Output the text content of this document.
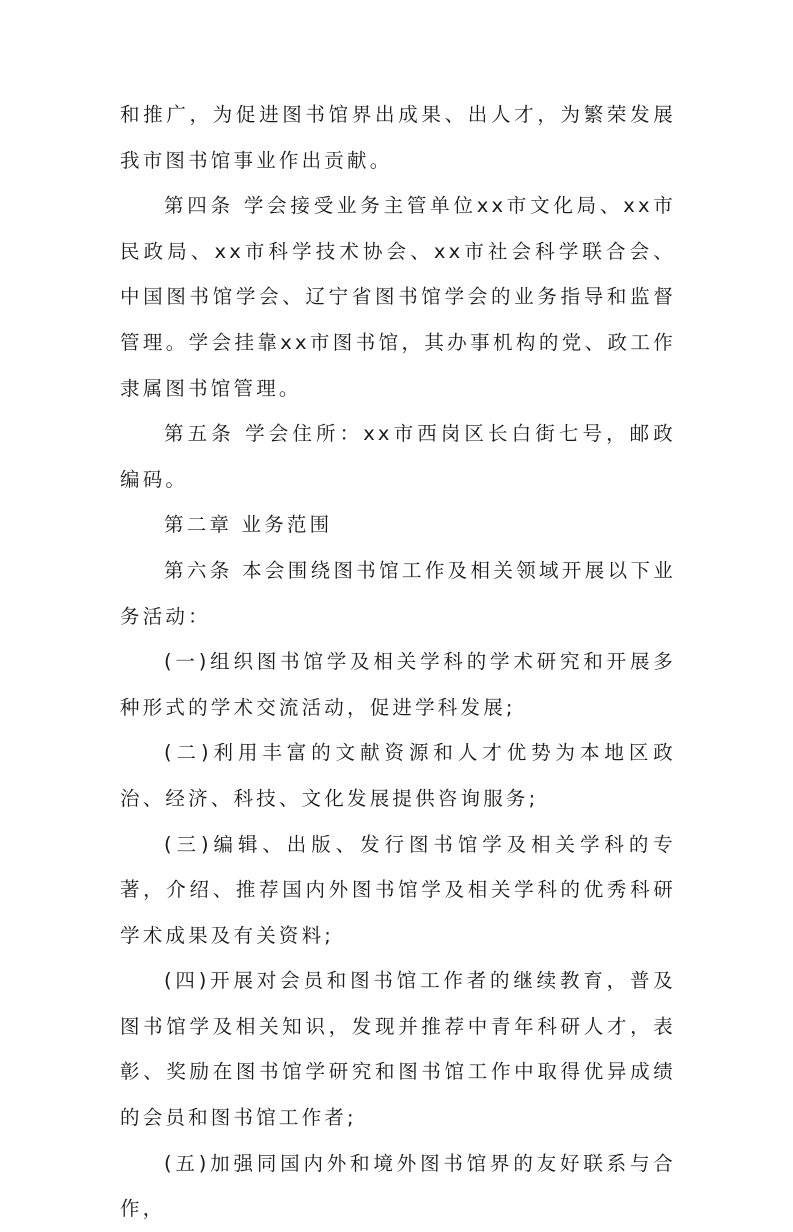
和推广，为促进图书馆界出成果、出人才，为繁荣发展我市图书馆事业作出贡献。

第四条 学会接受业务主管单位xx市文化局、xx市民政局、xx市科学技术协会、xx市社会科学联合会、中国图书馆学会、辽宁省图书馆学会的业务指导和监督管理。学会挂靠xx市图书馆，其办事机构的党、政工作隶属图书馆管理。

第五条 学会住所：xx市西岗区长白街七号，邮政编码。

第二章 业务范围

第六条 本会围绕图书馆工作及相关领域开展以下业务活动：

(一)组织图书馆学及相关学科的学术研究和开展多种形式的学术交流活动，促进学科发展;

(二)利用丰富的文献资源和人才优势为本地区政治、经济、科技、文化发展提供咨询服务;

(三)编辑、出版、发行图书馆学及相关学科的专著，介绍、推荐国内外图书馆学及相关学科的优秀科研学术成果及有关资料;

(四)开展对会员和图书馆工作者的继续教育，普及图书馆学及相关知识，发现并推荐中青年科研人才，表彰、奖励在图书馆学研究和图书馆工作中取得优异成绩的会员和图书馆工作者;

(五)加强同国内外和境外图书馆界的友好联系与合作，
